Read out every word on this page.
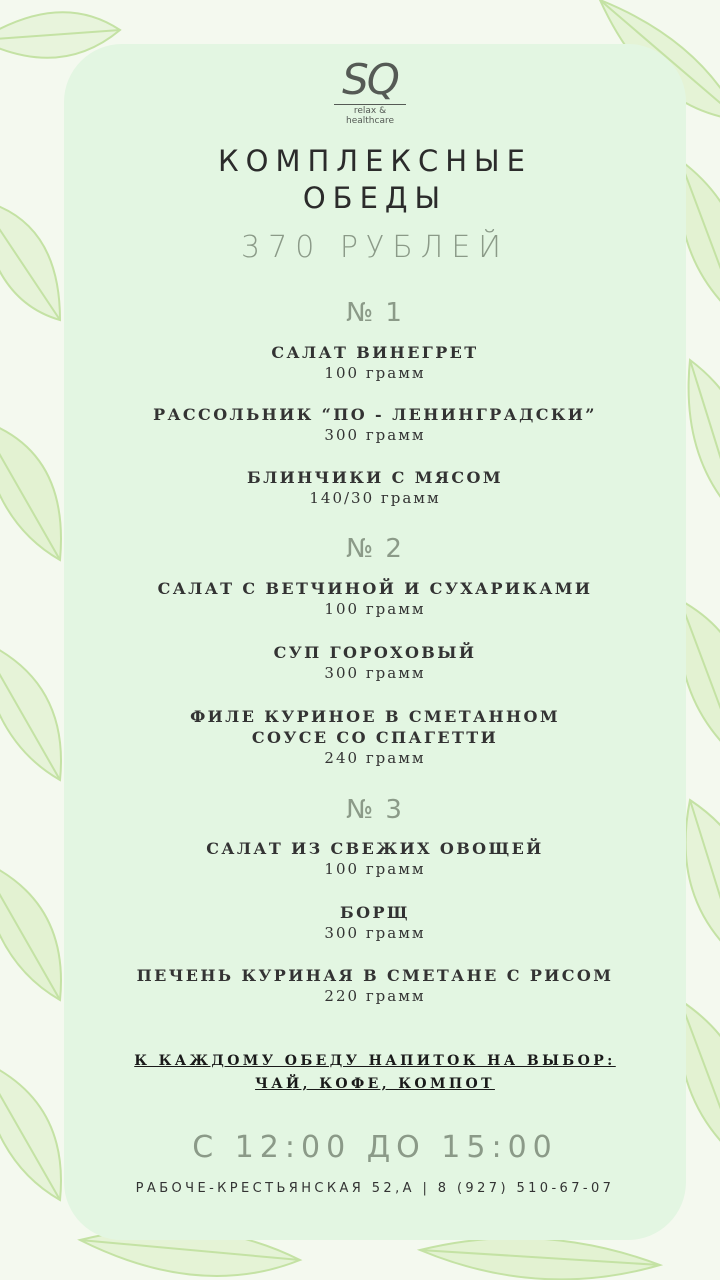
SQ
relax & healthcare
КОМПЛЕКСНЫЕ
ОБЕДЫ
370 РУБЛЕЙ
№ 1
САЛАТ ВИНЕГРЕТ
100 грамм
РАССОЛЬНИК “ПО - ЛЕНИНГРАДСКИ”
300 грамм
БЛИНЧИКИ С МЯСОМ
140/30 грамм
№ 2
САЛАТ С ВЕТЧИНОЙ И СУХАРИКАМИ
100 грамм
СУП ГОРОХОВЫЙ
300 грамм
ФИЛЕ КУРИНОЕ В СМЕТАННОМ
СОУСЕ СО СПАГЕТТИ
240 грамм
№ 3
САЛАТ ИЗ СВЕЖИХ ОВОЩЕЙ
100 грамм
БОРЩ
300 грамм
ПЕЧЕНЬ КУРИНАЯ В СМЕТАНЕ С РИСОМ
220 грамм
К КАЖДОМУ ОБЕДУ НАПИТОК НА ВЫБОР:
ЧАЙ, КОФЕ, КОМПОТ
С 12:00 ДО 15:00
РАБОЧЕ-КРЕСТЬЯНСКАЯ 52,А | 8 (927) 510-67-07
